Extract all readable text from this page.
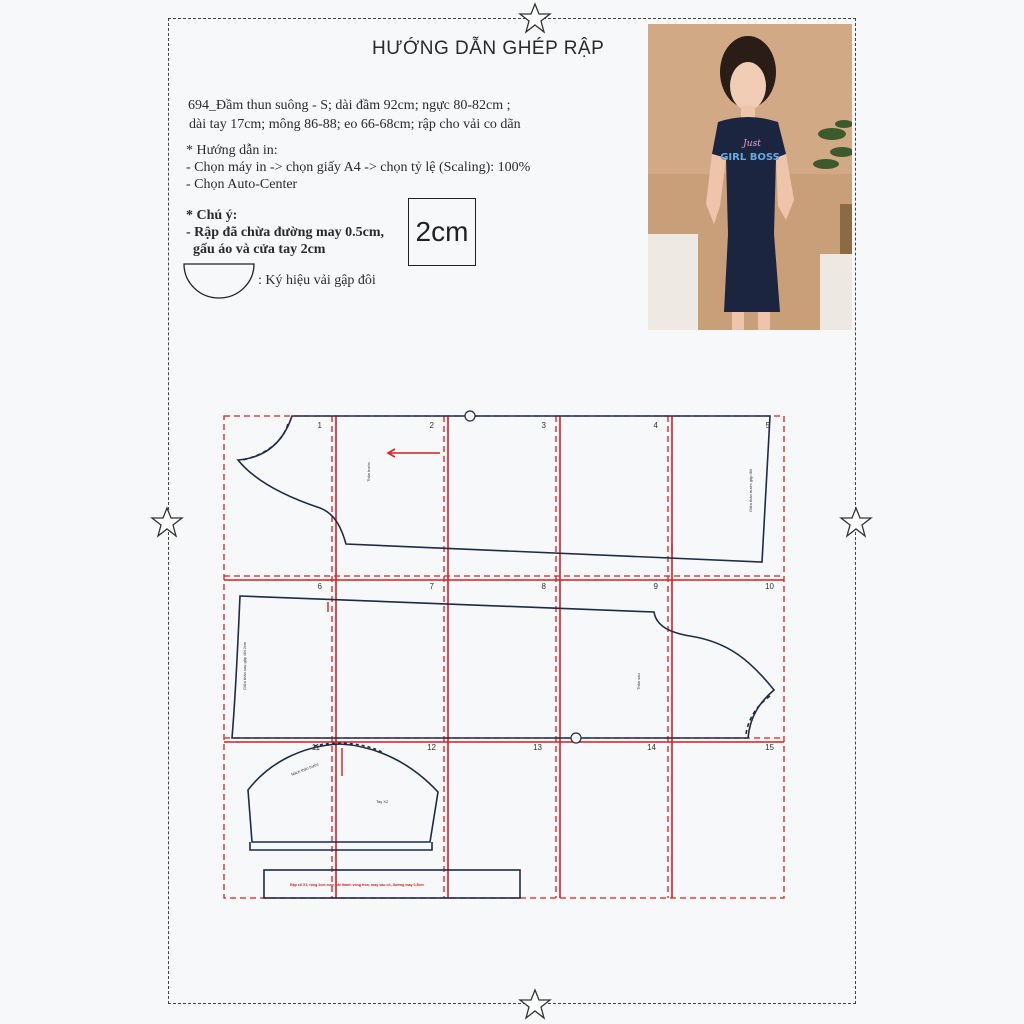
HƯỚNG DẪN GHÉP RẬP
694_Đầm thun suông - S; dài đầm 92cm; ngực 80-82cm ;
dài tay 17cm; mông 86-88; eo 66-68cm; rập cho vải co dãn
* Hướng dẫn in:
- Chọn máy in -> chọn giấy A4 -> chọn tỷ lệ (Scaling): 100%
- Chọn Auto-Center
* Chú ý:
- Rập đã chừa đường may 0.5cm,
gấu áo và cửa tay 2cm
2cm
: Ký hiệu vải gập đôi
Just
GIRL BOSS
1	2	3	4	5
6	7	8	9	10
11	12	13	14	15
Thân trước	Giữa thân trước gập đôi
Giữa thân sau gập đôi 2cm	Thân sau
Nách thân trước
Tay X2
Rập cổ X1, rộng 2cm may, cắt thành vòng tròn, may vào cổ, đường may 0,5cm
